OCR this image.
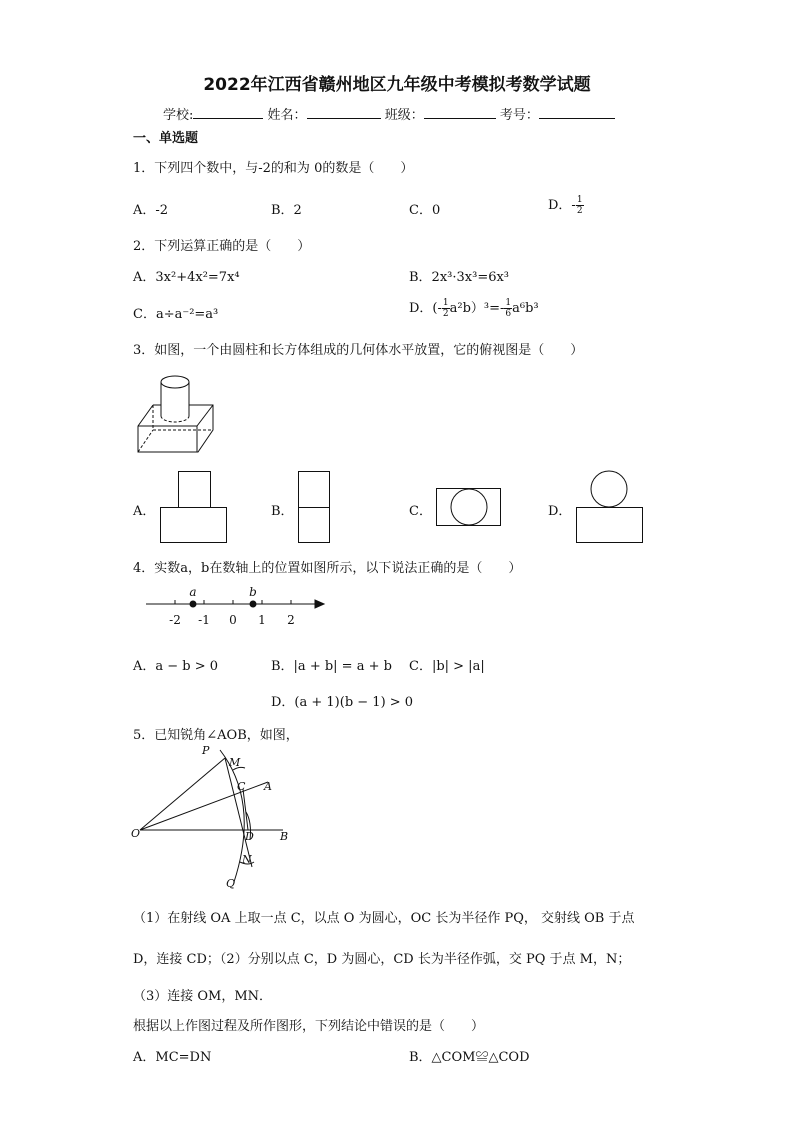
2022年江西省赣州地区九年级中考模拟考数学试题
学校:	姓名：	班级：	考号：
一、单选题
1．下列四个数中，与-2的和为 0的数是（　　）
A．-2	B．2	C．0	D．- $\frac{1}{2}$
2．下列运算正确的是（　　）
A．3x²+4x²=7x⁴	B．2x³·3x³=6x³
C．a÷a⁻²=a³	D．(- $\frac{1}{2} a^2b)^3=- \frac{1}{6} a^6b^3$
3．如图，一个由圆柱和长方体组成的几何体水平放置，它的俯视图是（　　）
A．	B．	C．	D．
4．实数a，b在数轴上的位置如图所示，以下说法正确的是（　　）
a	b
-2 -1 0 1 2
A．a − b > 0	B．|a + b| = a + b C．|b| > |a|
D．(a + 1)(b − 1) > 0
5．已知锐角∠AOB，如图，
P
M
C A
O	D B
N
Q
（1）在射线 OA 上取一点 C，以点 O 为圆心，OC 长为半径作 PQ， 交射线 OB 于点
D，连接 CD；（2）分别以点 C，D 为圆心，CD 长为半径作弧，交 PQ 于点 M，N；
（3）连接 OM，MN．
根据以上作图过程及所作图形，下列结论中错误的是（　　）
A．MC=DN	B．△COM≌△COD
